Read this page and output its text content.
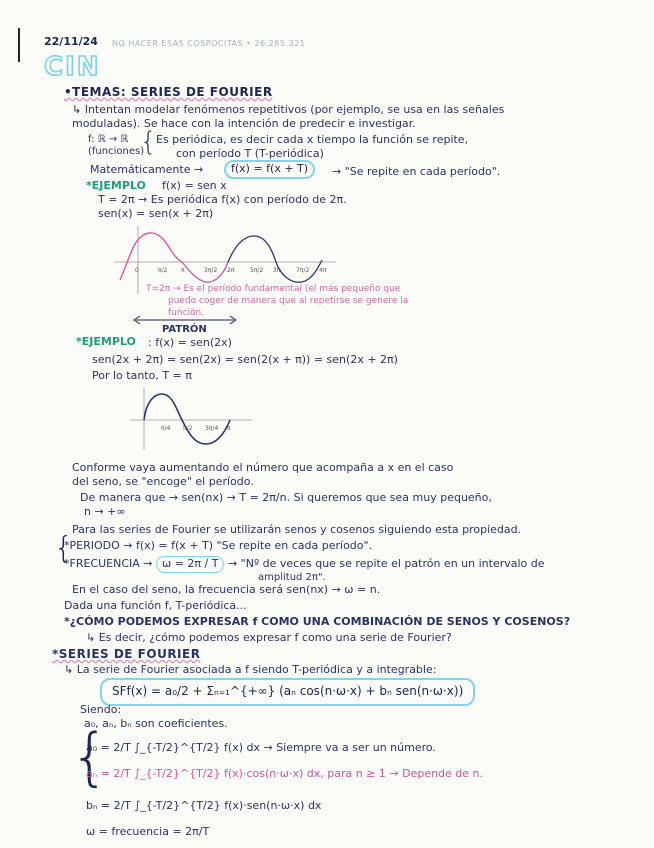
22/11/24 NO HACER ESAS COSPOCITAS • 26.285.321
CIN
•TEMAS: SERIES DE FOURIER
↳ Intentan modelar fenómenos repetitivos (por ejemplo, se usa en las señales
moduladas). Se hace con la intención de predecir e investigar.
f: ℝ → ℝ
(funciones)
{ Es periódica, es decir cada x tiempo la función se repite,
con período T (T-periódica)
Matemáticamente →	f(x) = f(x + T)	→ "Se repite en cada período".
*EJEMPLO f(x) = sen x
T = 2π → Es periódica f(x) con período de 2π.
sen(x) = sen(x + 2π)
0	π/2 π	3π/2 2π	5π/2 3π	7π/2 4π
T=2π → Es el período fundamental (el más pequeño que
puedo coger de manera que al repetirse se genere la
función.
PATRÓN
*EJEMPLO : f(x) = sen(2x)
sen(2x + 2π) = sen(2x) = sen(2(x + π)) = sen(2x + 2π)
Por lo tanto, T = π
π/4 π/2 3π/4 π
Conforme vaya aumentando el número que acompaña a x en el caso
del seno, se "encoge" el período.
De manera que → sen(nx) → T = 2π/n. Si queremos que sea muy pequeño,
n → +∞
Para las series de Fourier se utilizarán senos y cosenos siguiendo esta propiedad.
{
*PERIODO → f(x) = f(x + T) "Se repite en cada período".
*FRECUENCIA → ω = 2π / T → "Nº de veces que se repite el patrón en un intervalo de
amplitud 2π".
En el caso del seno, la frecuencia será sen(nx) → ω = n.
Dada una función f, T-periódica...
*¿CÓMO PODEMOS EXPRESAR f COMO UNA COMBINACIÓN DE SENOS Y COSENOS?
↳ Es decir, ¿cómo podemos expresar f como una serie de Fourier?
*SERIES DE FOURIER
↳ La serie de Fourier asociada a f siendo T-periódica y a integrable:
SFf(x) = a₀/2 + Σₙ₌₁^{+∞} (aₙ cos(n·ω·x) + bₙ sen(n·ω·x))
Siendo:
a₀, aₙ, bₙ son coeficientes.
{
a₀ = 2/T ∫_{-T/2}^{T/2} f(x) dx → Siempre va a ser un número.
aₙ = 2/T ∫_{-T/2}^{T/2} f(x)·cos(n·ω·x) dx, para n ≥ 1 → Depende de n.
bₙ = 2/T ∫_{-T/2}^{T/2} f(x)·sen(n·ω·x) dx
ω = frecuencia = 2π/T
